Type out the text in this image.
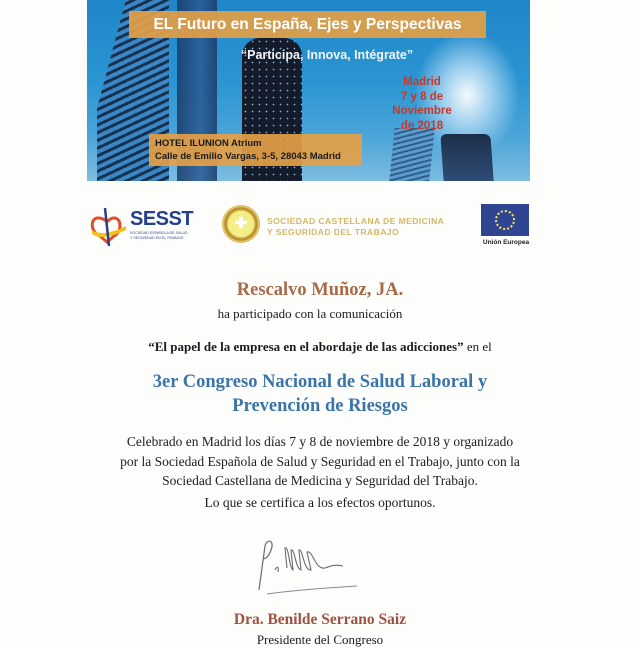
EL Futuro en España, Ejes y Perspectivas
“Participa, Innova, Intégrate”
Madrid
7 y 8 de
Noviembre
de 2018
HOTEL ILUNION Atrium
Calle de Emilio Vargas, 3-5, 28043 Madrid
SESST
SOCIEDAD ESPAÑOLA DE SALUD
Y SEGURIDAD EN EL TRABAJO
✚ SOCIEDAD CASTELLANA DE MEDICINA
Y SEGURIDAD DEL TRABAJO
Unión Europea
Rescalvo Muñoz, JA.
ha participado con la comunicación
“El papel de la empresa en el abordaje de las adicciones” en el
3er Congreso Nacional de Salud Laboral y
Prevención de Riesgos
Celebrado en Madrid los días 7 y 8 de noviembre de 2018 y organizado
por la Sociedad Española de Salud y Seguridad en el Trabajo, junto con la
Sociedad Castellana de Medicina y Seguridad del Trabajo.
Lo que se certifica a los efectos oportunos.
Dra. Benilde Serrano Saiz
Presidente del Congreso
